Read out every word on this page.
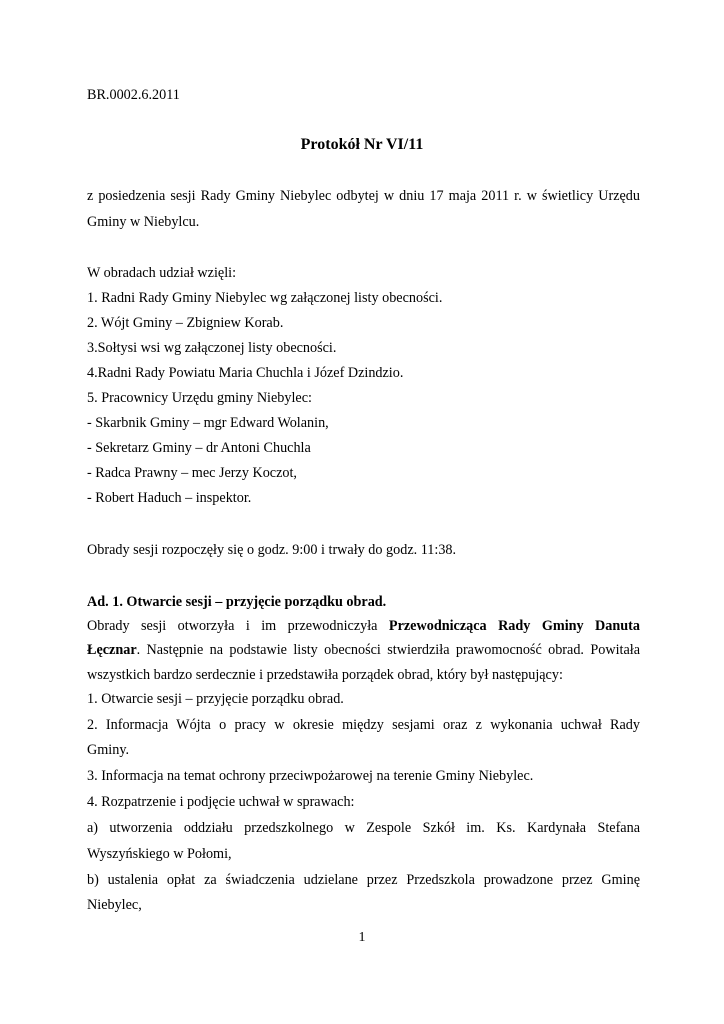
BR.0002.6.2011
Protokół Nr VI/11
z posiedzenia sesji Rady Gminy Niebylec odbytej w dniu 17 maja 2011 r. w świetlicy Urzędu
Gminy w Niebylcu.
W obradach udział wzięli:
1. Radni Rady Gminy Niebylec wg załączonej listy obecności.
2. Wójt Gminy – Zbigniew Korab.
3.Sołtysi wsi wg załączonej listy obecności.
4.Radni Rady Powiatu Maria Chuchla i Józef Dzindzio.
5. Pracownicy Urzędu gminy Niebylec:
- Skarbnik Gminy – mgr Edward Wolanin,
- Sekretarz Gminy – dr Antoni Chuchla
- Radca Prawny – mec Jerzy Koczot,
- Robert Haduch – inspektor.
Obrady sesji rozpoczęły się o godz. 9:00 i trwały do godz. 11:38.
Ad. 1. Otwarcie sesji – przyjęcie porządku obrad.
Obrady sesji otworzyła i im przewodniczyła Przewodnicząca Rady Gminy Danuta
Łęcznar. Następnie na podstawie listy obecności stwierdziła prawomocność obrad. Powitała
wszystkich bardzo serdecznie i przedstawiła porządek obrad, który był następujący:
1. Otwarcie sesji – przyjęcie porządku obrad.
2. Informacja Wójta o pracy w okresie między sesjami oraz z wykonania uchwał Rady
Gminy.
3. Informacja na temat ochrony przeciwpożarowej na terenie Gminy Niebylec.
4. Rozpatrzenie i podjęcie uchwał w sprawach:
a) utworzenia oddziału przedszkolnego w Zespole Szkół im. Ks. Kardynała Stefana
Wyszyńskiego w Połomi,
b) ustalenia opłat za świadczenia udzielane przez Przedszkola prowadzone przez Gminę
Niebylec,
1
